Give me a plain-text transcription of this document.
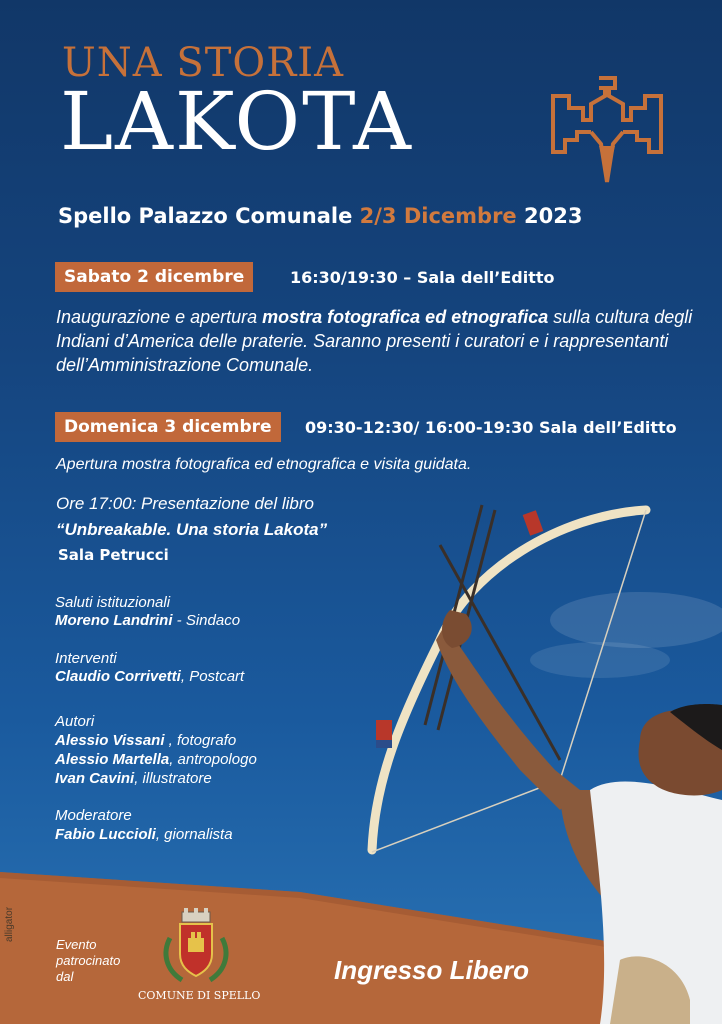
UNA STORIA
LAKOTA
Spello Palazzo Comunale 2/3 Dicembre 2023
Sabato 2 dicembre	16:30/19:30 – Sala dell’Editto
Inaugurazione e apertura mostra fotografica ed etnografica sulla cultura degli Indiani d’America delle praterie. Saranno presenti i curatori e i rappresentanti dell’Amministrazione Comunale.
Domenica 3 dicembre	09:30-12:30/ 16:00-19:30 Sala dell’Editto
Apertura mostra fotografica ed etnografica e visita guidata.
Ore 17:00: Presentazione del libro
“Unbreakable. Una storia Lakota”
Sala Petrucci
Saluti istituzionali
Moreno Landrini - Sindaco
Interventi
Claudio Corrivetti, Postcart
Autori
Alessio Vissani , fotografo
Alessio Martella, antropologo
Ivan Cavini, illustratore
Moderatore
Fabio Luccioli, giornalista
alligator
Evento patrocinato dal
COMUNE DI SPELLO
Ingresso Libero
